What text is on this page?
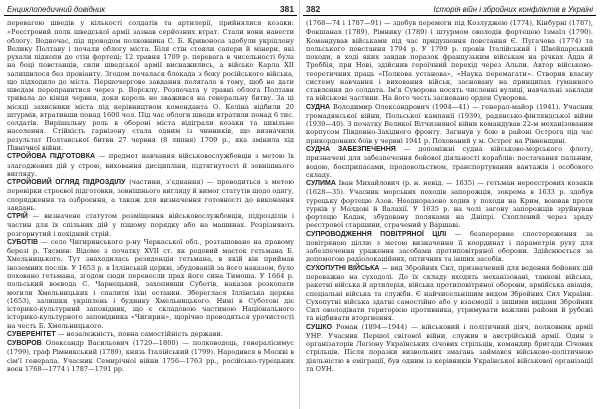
Енциклопедичний довідник	381

перевагою шведів у кількості солдатів та артилерії, прийнялися козаки: «Реєстровий полк шведської армії зазнав серйозних втрат. Стали вони навести облогу. Водночас, під проводом полковника С. Б. Кривоноса здобули укріплену Велику Полтаву і почали облогу міста. Біля стін стояли сапери й мінери, які рухали підкопи до стін фортеці; 12 травня 1709 р. перевага в чисельності була на боці повстанців, сили шведської армії виснажились, а військо Карла XII залишилося без провіанту. Згодом почалася блокада з боку російського війська, що підходило до міста. Першочергове завдання полягало в тому, щоб не дати шведам переправитися через р. Ворсклу. Розпочата у травні облога Полтави тривала до кінця червня, доки король не зважився на генеральну битву. За ці місяці захисники міста під керівництвом коменданта О. Келіна відбили 20 штурмів, втративши понад 1600 чол. Під час облоги шведи втратили понад 6 тис. солдатів. Вирішальну роль в обороні міста відіграли козаки та цивільне населення. Стійкість гарнізону стала одним із чинників, що визначили результат Полтавської битви 27 червня (8 липня) 1709 р., яка змінила хід Північної війни.

СТРОЙОВА ПІДГОТОВКА — предмет навчання військовослужбовців з метою їх злагоджених дій у строю, виховання дисципліни, підтягнутості й зовнішнього вигляду.

СТРОЙОВИЙ ОГЛЯД ПІДРОЗДІЛУ (частини, з'єднання) — проводиться з метою перевірки строєвої підготовки, зовнішнього вигляду й вимог статутів щодо одягу, спорядження та озброєння, а також для визначення готовності до виконання завдань.

СТРІЙ — визначене статутом розміщення військовослужбовців, підрозділів і частин для їх спільних дій у пішому порядку або на машинах. Розрізняють розгорнутий і похідний стрій.

СУБОТІВ — село Чигиринського р-ну Черкаської обл., розташоване на правому березі р. Тясмин. Відоме з початку XVII ст. як родовий маєток гетьмана Б. Хмельницького. Тут знаходилась резиденція гетьмана, в якій він приймав іноземних послів. У 1653 р. в Іллінській церкві, збудованій за його наказом, було поховано гетьмана, згодом сюди перенесли прах його сина Тимоша. У 1664 р. польський воєвода С. Чарнецький, захопивши Суботів, наказав розкопати могили Хмельницьких і спалити їхні останки. Збереглася Іллінська церква (1653), залишки укріплень і будинку Хмельницького. Нині в Суботові діє історико-культурний заповідник, що є складовою частиною Національного історико-культурного заповідника «Чигирин», щорічно проводяться урочистості на честь Б. Хмельницького.

СУВЕРЕНІТЕТ — незалежність, повна самостійність держави.

СУВОРОВ Олександр Васильович (1729—1800) — полководець, генералісимус (1799), граф Рімникський (1789), князь Італійський (1799). Народився в Москві в сім'ї генерала. Учасник Семирічної війни 1756—1763 рр., російсько-турецьких воєн 1768—1774 і 1787—1791 рр.

382	Історія війн і збройних конфліктів в Україні

(1768—74 і 1787—91) — здобув перемоги під Козлуджею (1774), Кінбурні (1787), Фокшанах (1789), Рімнику (1789) і штурмом оволодів фортецею Ізмаїл (1790). Командував військами під час придушення повстання Є. Пугачова (1774) та польського повстання 1794 р. У 1799 р. провів Італійський і Швейцарський походи, в ході яких завдав поразок французьким військам на річках Адда й Треббія, при Нові, здійснив героїчний перехід через Альпи. Автор військово-теоретичних праць «Полкова установа», «Наука перемагати». Створив власну систему навчання і виховання військ, засновану на принципах гуманного ставлення до солдата. Ім'я Суворова носять численні вулиці, навчальні заклади та військові частини. На його честь засновано орден Суворова.

СУДНА Володимир Олександрович (1904—41) — генерал-майор (1941). Учасник громадянської війни, Польської кампанії (1939), радянсько-фінляндської війни (1939—40). З початку Великої Вітчизняної війни командував 22-м механізованим корпусом Південно-Західного фронту. Загинув у бою в районі Острога під час прикордонних боїв у червні 1941 р. Похований у м. Острог на Рівненщині.

СУДНА ЗАБЕЗПЕЧЕННЯ — допоміжні судна військово-морського флоту, призначені для забезпечення бойової діяльності кораблів: постачання пальним, водою, боєприпасами, продовольством, транспортування вантажів і особового складу.

СУЛИМА Іван Михайлович (р. н. невід. — 1635) — гетьман нереєстрових козаків (1628—35). Учасник морських походів запорожців, зокрема в 1633 р. здобув турецьку фортецю Азов. Неодноразово ходив у походи на Крим, воював проти турків у Молдові й Валахії. У 1635 р. на чолі загону запорожців зруйнував фортецю Кодак, збудовану поляками на Дніпрі. Схоплений через зраду реєстрової старшини, страчений у Варшаві.

СУПРОВОДЖЕННЯ ПОВІТРЯНОЇ ЦІЛІ — безперервне спостереження за повітряною ціллю з метою визначення її координат і параметрів руху для забезпечення ураження засобами протиповітряної оборони. Здійснюється за допомогою радіолокаційних, оптичних та інших засобів.

СУХОПУТНІ ВІЙСЬКА — вид Збройних Сил, призначений для ведення бойових дій переважно на суходолі. До їх складу входять механізовані, танкові війська, ракетні війська й артилерія, війська протиповітряної оборони, армійська авіація, спеціальні війська та служби. Є найчисельнішим видом Збройних Сил України. Сухопутні війська здатні самостійно або у взаємодії з іншими видами Збройних Сил оволодівати територією противника, утримувати важливі райони й рубежі та відбивати вторгнення.

СУШКО Роман (1894—1944) — військовий і політичний діяч, полковник армії УНР. Учасник Першої світової війни, служив в австрійській армії. Один з організаторів Легіону Українських січових стрільців, командир бригади Січових стрільців. Після поразки визвольних змагань займався військово-політичною діяльністю в еміграції, був одним із керівників Української військової організації та ОУН.
